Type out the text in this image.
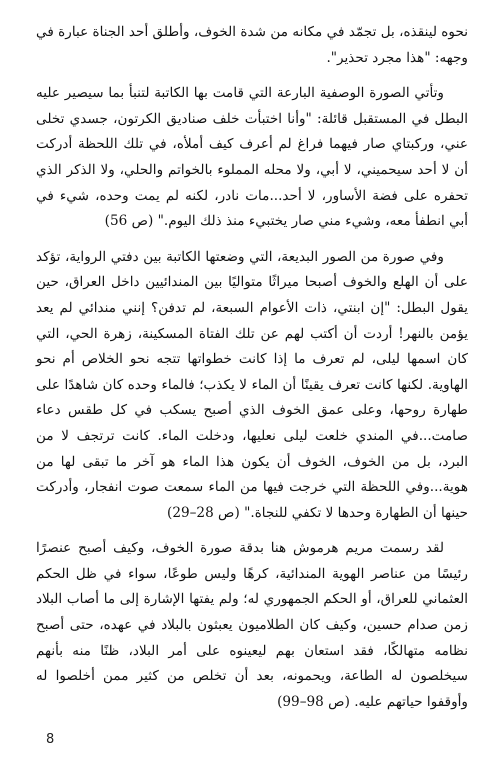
نحوه لينقذه، بل تجمّد في مكانه من شدة الخوف، وأطلق أحد الجناة عبارة في وجهه: "هذا مجرد تحذير".

وتأتي الصورة الوصفية البارعة التي قامت بها الكاتبة لتنبأ بما سيصير عليه البطل في المستقبل قائلة: "وأنا اختبأت خلف صناديق الكرتون، جسدي تخلى عني، وركبتاي صار فيهما فراغ لم أعرف كيف أملأه، في تلك اللحظة أدركت أن لا أحد سيحميني، لا أبي، ولا محله المملوء بالخواتم والحلي، ولا الذكر الذي تحفره على فضة الأساور، لا أحد...مات نادر، لكنه لم يمت وحده، شيء في أبي انطفأ معه، وشيء مني صار يختبيء منذ ذلك اليوم." (ص 56)

وفي صورة من الصور البديعة، التي وضعتها الكاتبة بين دفتي الرواية، تؤكد على أن الهلع والخوف أصبحا ميراثًا متواليًا بين المندائيين داخل العراق، حين يقول البطل: "إن ابنتي، ذات الأعوام السبعة، لم تدفن؟ إنني مندائي لم يعد يؤمن بالنهر! أردت أن أكتب لهم عن تلك الفتاة المسكينة، زهرة الحي، التي كان اسمها ليلى، لم تعرف ما إذا كانت خطواتها تتجه نحو الخلاص أم نحو الهاوية. لكنها كانت تعرف يقينًا أن الماء لا يكذب؛ فالماء وحده كان شاهدًا على طهارة روحها، وعلى عمق الخوف الذي أصبح يسكب في كل طقس دعاء صامت...في المندي خلعت ليلى نعليها، ودخلت الماء. كانت ترتجف لا من البرد، بل من الخوف، الخوف أن يكون هذا الماء هو آخر ما تبقى لها من هوية...وفي اللحظة التي خرجت فيها من الماء سمعت صوت انفجار، وأدركت حينها أن الطهارة وحدها لا تكفي للنجاة." (ص 28–29)

لقد رسمت مريم هرموش هنا بدقة صورة الخوف، وكيف أصبح عنصرًا رئيسًا من عناصر الهوية المندائية، كرهًا وليس طوعًا، سواء في ظل الحكم العثماني للعراق، أو الحكم الجمهوري له؛ ولم يفتها الإشارة إلى ما أصاب البلاد زمن صدام حسين، وكيف كان الطلاميون يعبثون بالبلاد في عهده، حتى أصبح نظامه متهالكًا، فقد استعان بهم ليعينوه على أمر البلاد، ظنًا منه بأنهم سيخلصون له الطاعة، ويحمونه، بعد أن تخلص من كثير ممن أخلصوا له وأوقفوا حياتهم عليه. (ص 98–99)

8
